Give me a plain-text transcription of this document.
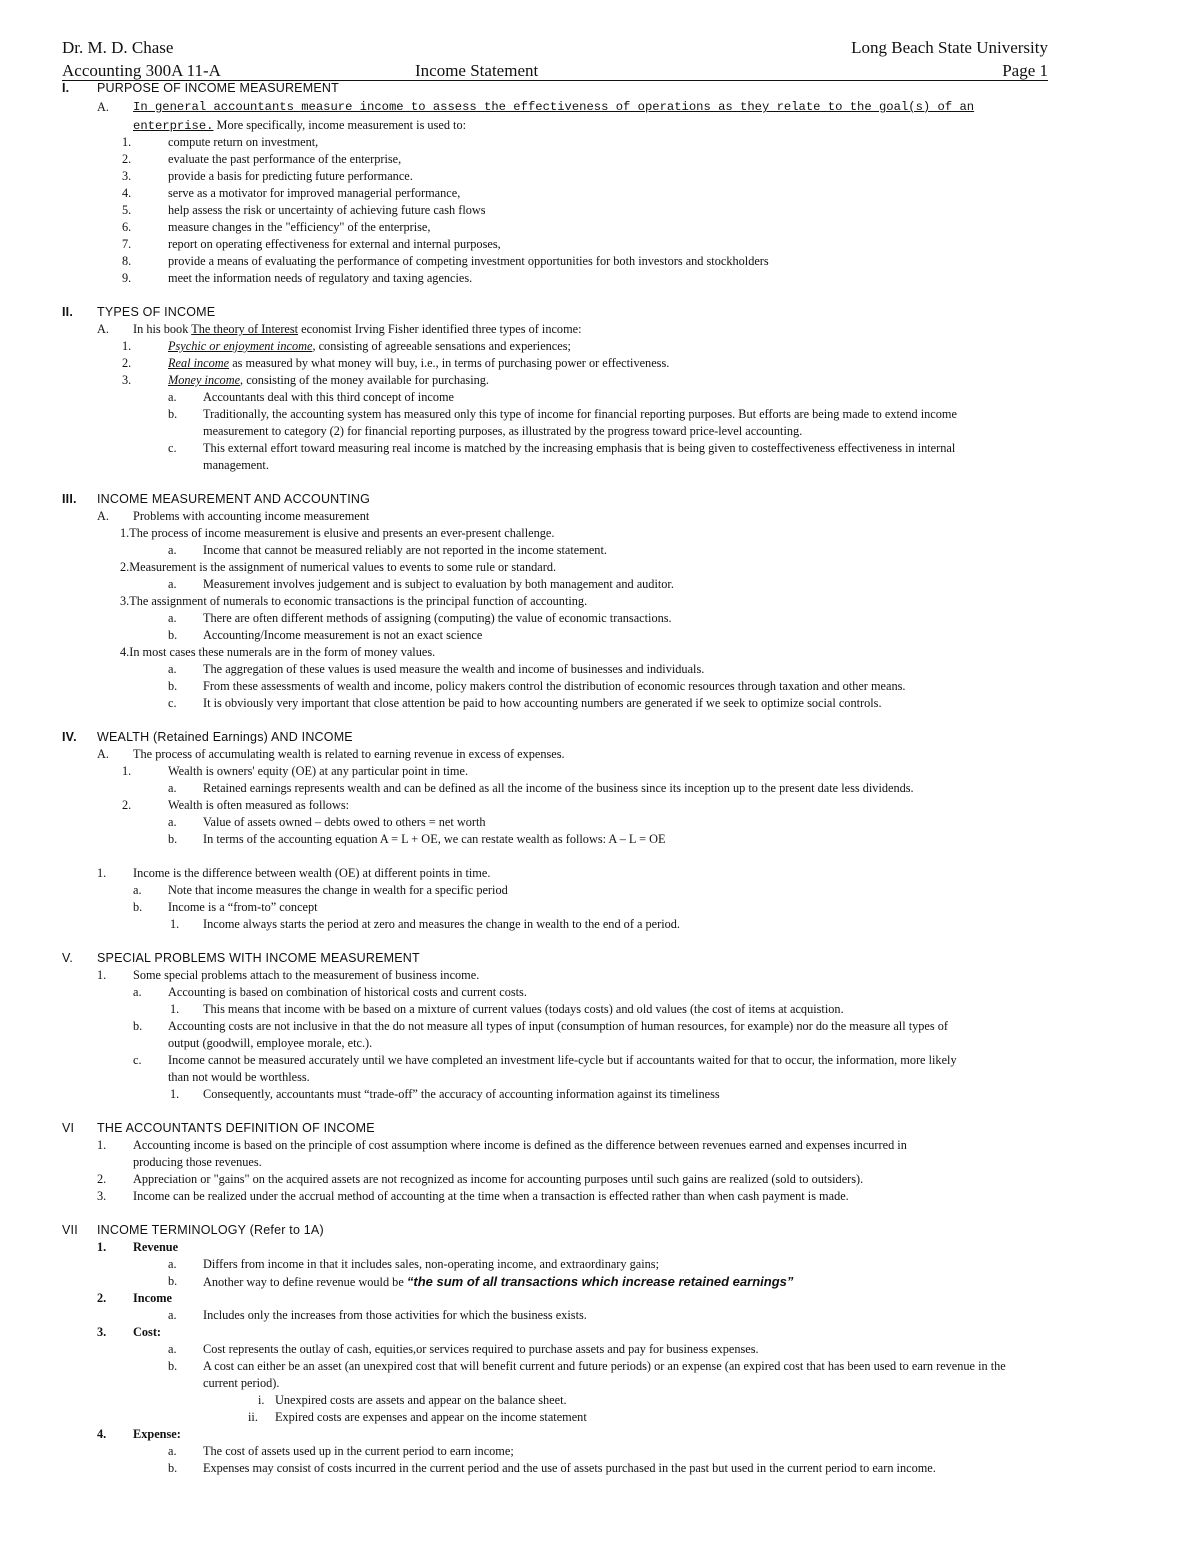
Dr. M. D. Chase	Long Beach State University
Accounting 300A 11-A	Income Statement	Page 1
I. PURPOSE OF INCOME MEASUREMENT
A. In general accountants measure income to assess the effectiveness of operations as they relate to the goal(s) of an
enterprise. More specifically, income measurement is used to:
1.	compute return on investment,
2.	evaluate the past performance of the enterprise,
3.	provide a basis for predicting future performance.
4.	serve as a motivator for improved managerial performance,
5.	help assess the risk or uncertainty of achieving future cash flows
6.	measure changes in the "efficiency" of the enterprise,
7.	report on operating effectiveness for external and internal purposes,
8.	provide a means of evaluating the performance of competing investment opportunities for both investors and stockholders
9.	meet the information needs of regulatory and taxing agencies.
II. TYPES OF INCOME
A. In his book The theory of Interest economist Irving Fisher identified three types of income:
1.	Psychic or enjoyment income, consisting of agreeable sensations and experiences;
2.	Real income as measured by what money will buy, i.e., in terms of purchasing power or effectiveness.
3.	Money income, consisting of the money available for purchasing.
a. Accountants deal with this third concept of income
b. Traditionally, the accounting system has measured only this type of income for financial reporting purposes. But efforts are being made to extend income
measurement to category (2) for financial reporting purposes, as illustrated by the progress toward price-level accounting.
c. This external effort toward measuring real income is matched by the increasing emphasis that is being given to costeffectiveness effectiveness in internal
management.
III. INCOME MEASUREMENT AND ACCOUNTING
A. Problems with accounting income measurement
1.The process of income measurement is elusive and presents an ever-present challenge.
a. Income that cannot be measured reliably are not reported in the income statement.
2.Measurement is the assignment of numerical values to events to some rule or standard.
a. Measurement involves judgement and is subject to evaluation by both management and auditor.
3.The assignment of numerals to economic transactions is the principal function of accounting.
a. There are often different methods of assigning (computing) the value of economic transactions.
b. Accounting/Income measurement is not an exact science
4.In most cases these numerals are in the form of money values.
a. The aggregation of these values is used measure the wealth and income of businesses and individuals.
b. From these assessments of wealth and income, policy makers control the distribution of economic resources through taxation and other means.
c. It is obviously very important that close attention be paid to how accounting numbers are generated if we seek to optimize social controls.
IV. WEALTH (Retained Earnings) AND INCOME
A. The process of accumulating wealth is related to earning revenue in excess of expenses.
1.	Wealth is owners' equity (OE) at any particular point in time.
a. Retained earnings represents wealth and can be defined as all the income of the business since its inception up to the present date less dividends.
2.	Wealth is often measured as follows:
a. Value of assets owned – debts owed to others = net worth
b. In terms of the accounting equation A = L + OE, we can restate wealth as follows: A – L = OE
1. Income is the difference between wealth (OE) at different points in time.
a. Note that income measures the change in wealth for a specific period
b. Income is a “from-to” concept
1. Income always starts the period at zero and measures the change in wealth to the end of a period.
V. SPECIAL PROBLEMS WITH INCOME MEASUREMENT
1. Some special problems attach to the measurement of business income.
a. Accounting is based on combination of historical costs and current costs.
1. This means that income with be based on a mixture of current values (todays costs) and old values (the cost of items at acquistion.
b. Accounting costs are not inclusive in that the do not measure all types of input (consumption of human resources, for example) nor do the measure all types of
output (goodwill, employee morale, etc.).
c. Income cannot be measured accurately until we have completed an investment life-cycle but if accountants waited for that to occur, the information, more likely
than not would be worthless.
1. Consequently, accountants must “trade-off” the accuracy of accounting information against its timeliness
VI THE ACCOUNTANTS DEFINITION OF INCOME
1. Accounting income is based on the principle of cost assumption where income is defined as the difference between revenues earned and expenses incurred in
producing those revenues.
2. Appreciation or "gains" on the acquired assets are not recognized as income for accounting purposes until such gains are realized (sold to outsiders).
3. Income can be realized under the accrual method of accounting at the time when a transaction is effected rather than when cash payment is made.
VII INCOME TERMINOLOGY (Refer to 1A)
1. Revenue
a. Differs from income in that it includes sales, non-operating income, and extraordinary gains;
b. Another way to define revenue would be “the sum of all transactions which increase retained earnings”
2. Income
a. Includes only the increases from those activities for which the business exists.
3. Cost:
a. Cost represents the outlay of cash, equities,or services required to purchase assets and pay for business expenses.
b. A cost can either be an asset (an unexpired cost that will benefit current and future periods) or an expense (an expired cost that has been used to earn revenue in the
current period).
i. Unexpired costs are assets and appear on the balance sheet.
ii. Expired costs are expenses and appear on the income statement
4. Expense:
a. The cost of assets used up in the current period to earn income;
b. Expenses may consist of costs incurred in the current period and the use of assets purchased in the past but used in the current period to earn income.
